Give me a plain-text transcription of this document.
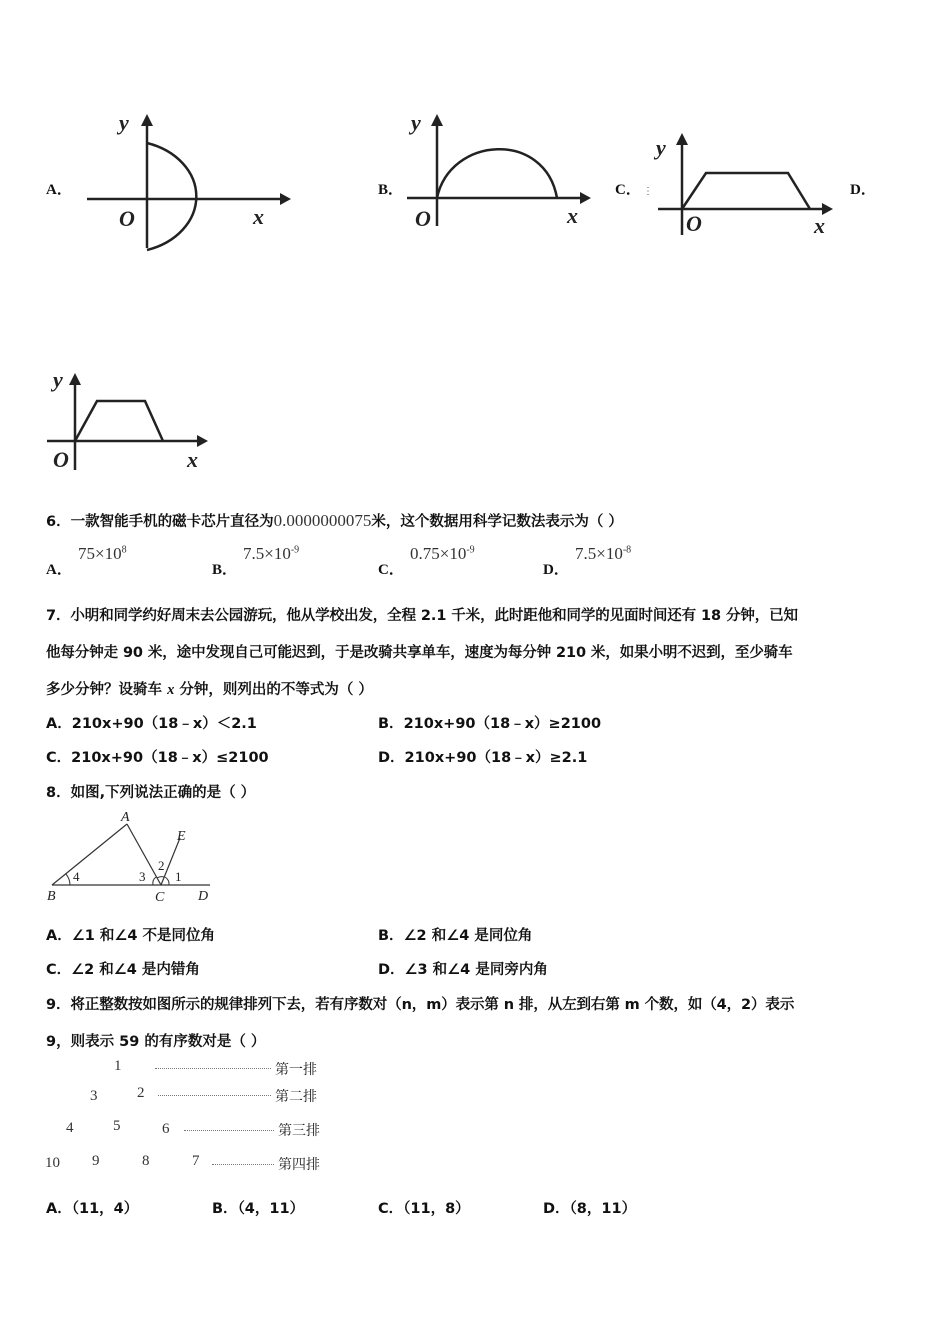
A．
y
O	x
B．
y
O	x
C． ⋮
y
O	x
D．
y
O	x
6．一款智能手机的磁卡芯片直径为0.0000000075米，这个数据用科学记数法表示为（ ）
A．
$75\times 10^8$
B．
$7.5\times 10^{-9}$
C．
$0.75\times 10^{-9}$
D．
$7.5\times 10^{-8}$
7．小明和同学约好周末去公园游玩，他从学校出发，全程 2.1 千米，此时距他和同学的见面时间还有 18 分钟，已知
他每分钟走 90 米，途中发现自己可能迟到，于是改骑共享单车，速度为每分钟 210 米，如果小明不迟到，至少骑车
多少分钟？设骑车 x 分钟，则列出的不等式为（ ）
A．210x+90（18﹣x）＜2.1	B．210x+90（18﹣x）≥2100
C．210x+90（18﹣x）≤2100	D．210x+90（18﹣x）≥2.1
8．如图,下列说法正确的是（ ）
A
B	C D
E
1
2
3
4
A．∠1 和∠4 不是同位角	B．∠2 和∠4 是同位角
C．∠2 和∠4 是内错角	D．∠3 和∠4 是同旁内角
9．将正整数按如图所示的规律排列下去，若有序数对（n，m）表示第 n 排，从左到右第 m 个数，如（4，2）表示
9，则表示 59 的有序数对是（ ）
1	第一排
3	2	第二排
4	5	6	第三排
10 9	8	7	第四排
A．（11，4）	B．（4，11）	C．（11，8）	D．（8，11）
